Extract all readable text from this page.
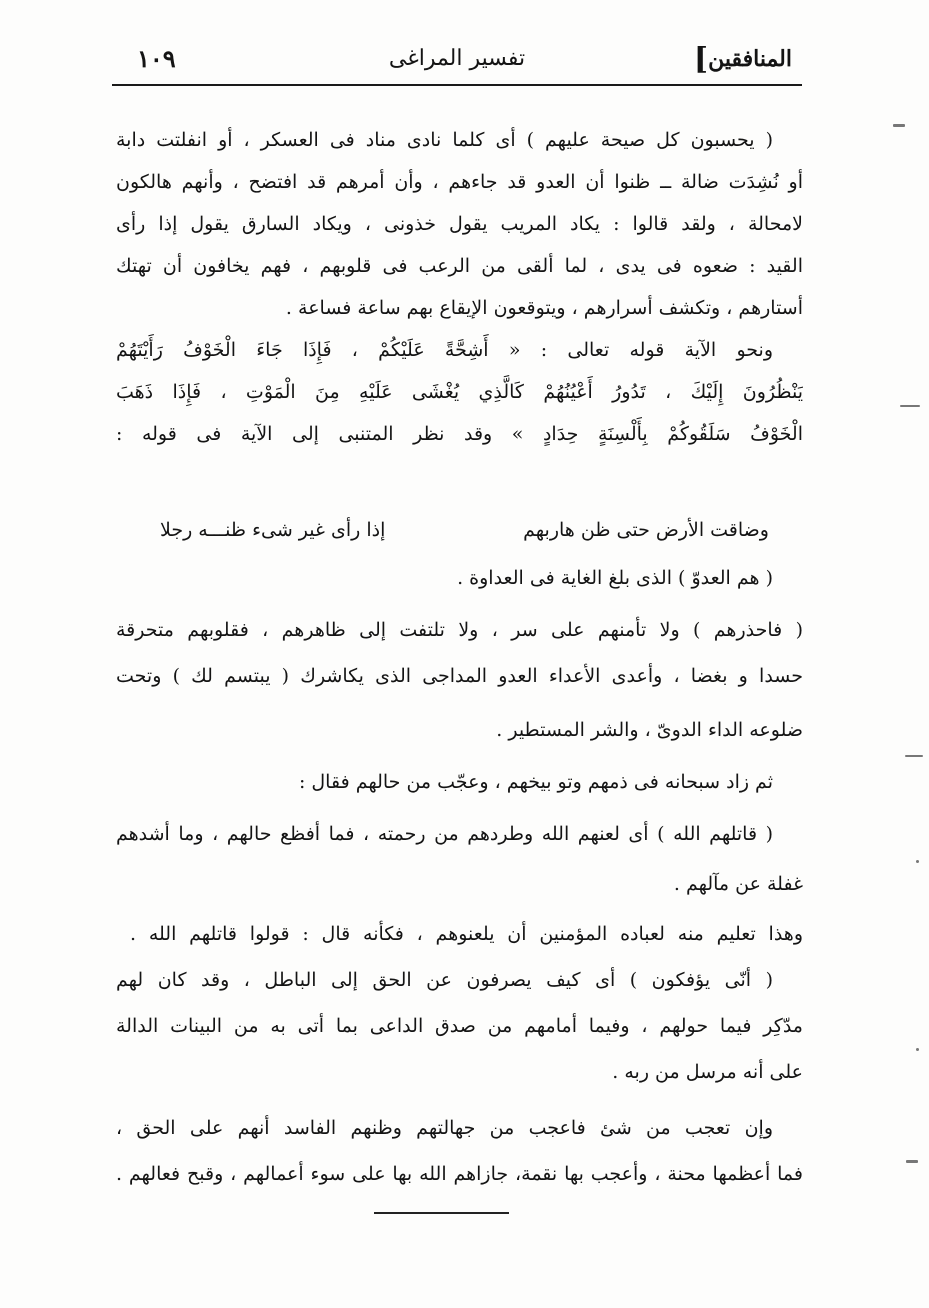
١٠٩	تفسير المراغى	المنافقين]
( يحسبون كل صيحة عليهم ) أى كلما نادى مناد فى العسكر ، أو انفلتت دابة
أو نُشِدَت ضالة ــ ظنوا أن العدو قد جاءهم ، وأن أمرهم قد افتضح ، وأنهم هالكون
لامحالة ، ولقد قالوا : يكاد المريب يقول خذونى ، ويكاد السارق يقول إذا رأى
القيد : ضعوه فى يدى ، لما ألقى من الرعب فى قلوبهم ، فهم يخافون أن تهتك
أستارهم ، وتكشف أسرارهم ، ويتوقعون الإيقاع بهم ساعة فساعة .
ونحو الآية قوله تعالى : « أَشِحَّةً عَلَيْكُمْ ، فَإِذَا جَاءَ الْخَوْفُ رَأَيْتَهُمْ
يَنْظُرُونَ إِلَيْكَ ، تَدُورُ أَعْيُنُهُمْ كَالَّذِي يُغْشَى عَلَيْهِ مِنَ الْمَوْتِ ، فَإِذَا ذَهَبَ
الْخَوْفُ سَلَقُوكُمْ بِأَلْسِنَةٍ حِدَادٍ » وقد نظر المتنبى إلى الآية فى قوله :
وضاقت الأرض حتى ظن هاربهم
إذا رأى غير شىء ظنـــه رجلا
( هم العدوّ ) الذى بلغ الغاية فى العداوة .
( فاحذرهم ) ولا تأمنهم على سر ، ولا تلتفت إلى ظاهرهم ، فقلوبهم متحرقة
حسدا و بغضا ، وأعدى الأعداء العدو المداجى الذى يكاشرك ( يبتسم لك ) وتحت
ضلوعه الداء الدوىّ ، والشر المستطير .
ثم زاد سبحانه فى ذمهم وتو بيخهم ، وعجّب من حالهم فقال :
( قاتلهم الله ) أى لعنهم الله وطردهم من رحمته ، فما أفظع حالهم ، وما أشدهم
غفلة عن مآلهم .
وهذا تعليم منه لعباده المؤمنين أن يلعنوهم ، فكأنه قال : قولوا قاتلهم الله .
( أنّى يؤفكون ) أى كيف يصرفون عن الحق إلى الباطل ، وقد كان لهم
مدّكِر فيما حولهم ، وفيما أمامهم من صدق الداعى بما أتى به من البينات الدالة
على أنه مرسل من ربه .
وإن تعجب من شئ فاعجب من جهالتهم وظنهم الفاسد أنهم على الحق ،
فما أعظمها محنة ، وأعجب بها نقمة، جازاهم الله بها على سوء أعمالهم ، وقبح فعالهم .
